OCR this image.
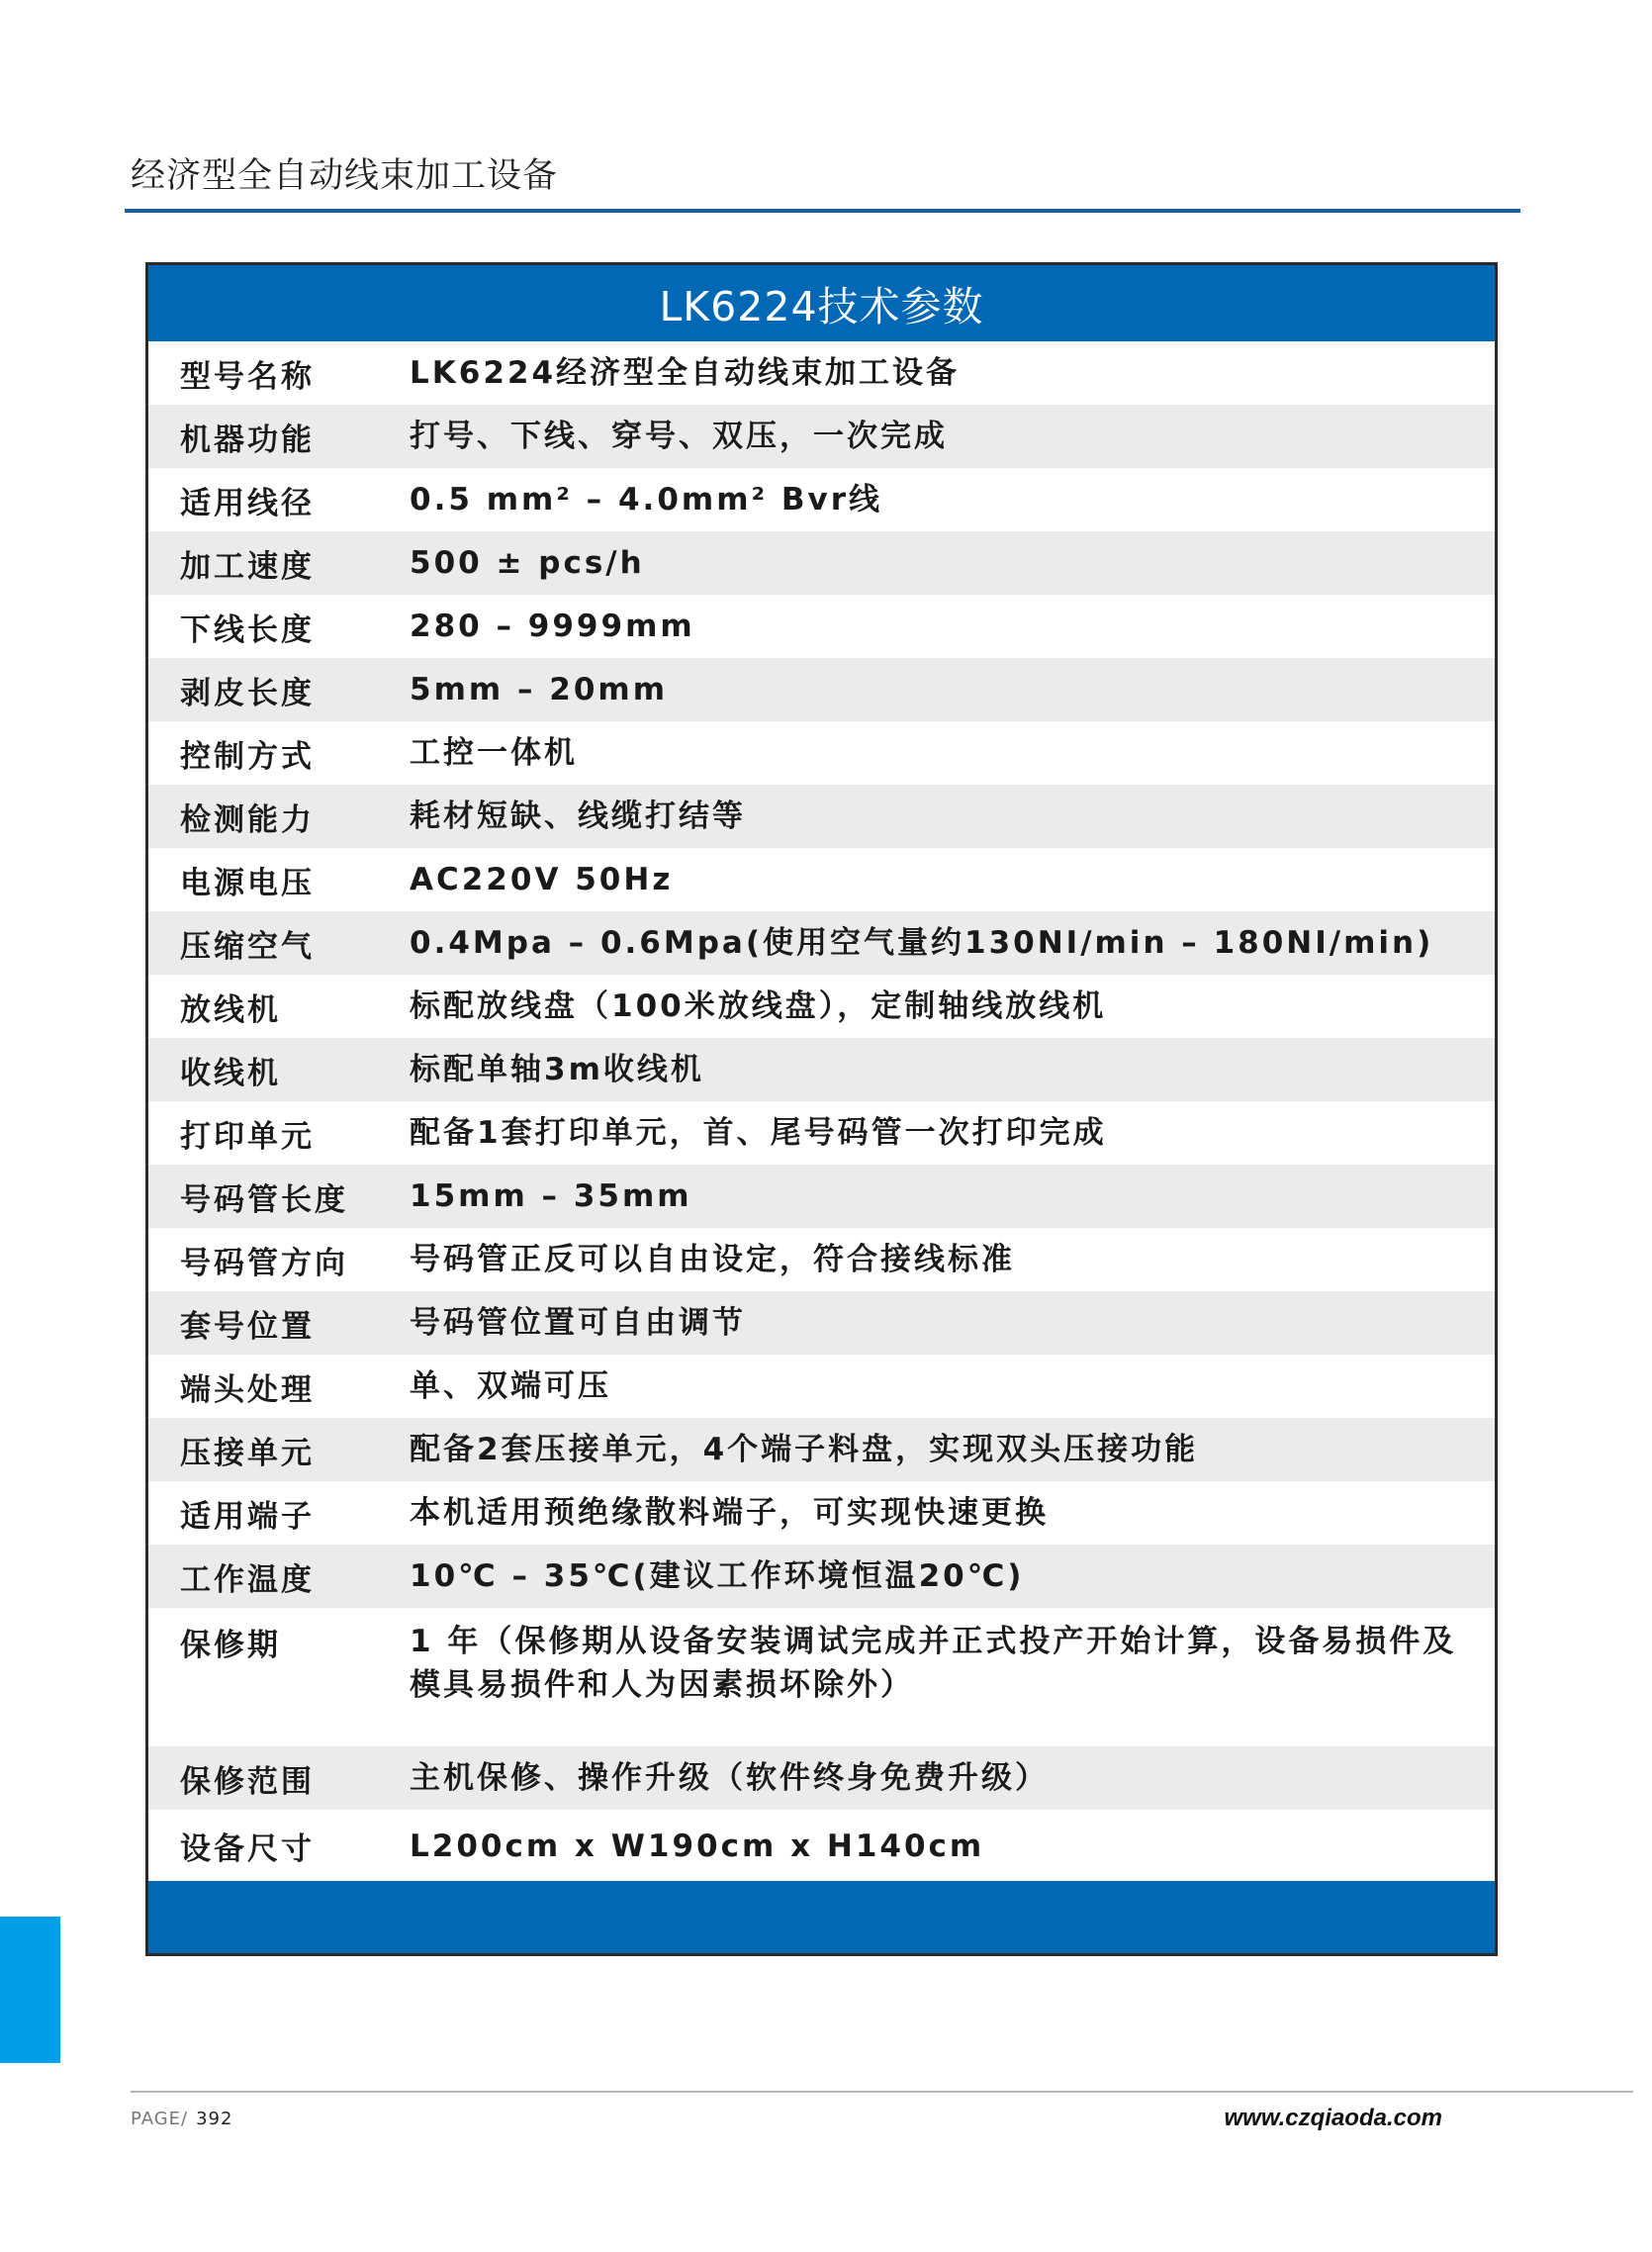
经济型全自动线束加工设备
LK6224技术参数
型号名称	LK6224经济型全自动线束加工设备
机器功能	打号、下线、穿号、双压，一次完成
适用线径	0.5 mm² – 4.0mm² Bvr线
加工速度	500 ± pcs/h
下线长度	280 – 9999mm
剥皮长度	5mm – 20mm
控制方式	工控一体机
检测能力	耗材短缺、线缆打结等
电源电压	AC220V 50Hz
压缩空气	0.4Mpa – 0.6Mpa(使用空气量约130NI/min – 180NI/min)
放线机	标配放线盘（100米放线盘），定制轴线放线机
收线机	标配单轴3m收线机
打印单元	配备1套打印单元，首、尾号码管一次打印完成
号码管长度	15mm – 35mm
号码管方向	号码管正反可以自由设定，符合接线标准
套号位置	号码管位置可自由调节
端头处理	单、双端可压
压接单元	配备2套压接单元，4个端子料盘，实现双头压接功能
适用端子	本机适用预绝缘散料端子，可实现快速更换
工作温度	10℃ – 35℃(建议工作环境恒温20℃)
保修期	1 年（保修期从设备安装调试完成并正式投产开始计算，设备易损件及模具易损件和人为因素损坏除外）
保修范围	主机保修、操作升级（软件终身免费升级）
设备尺寸	L200cm x W190cm x H140cm
PAGE/ 392	www.czqiaoda.com
